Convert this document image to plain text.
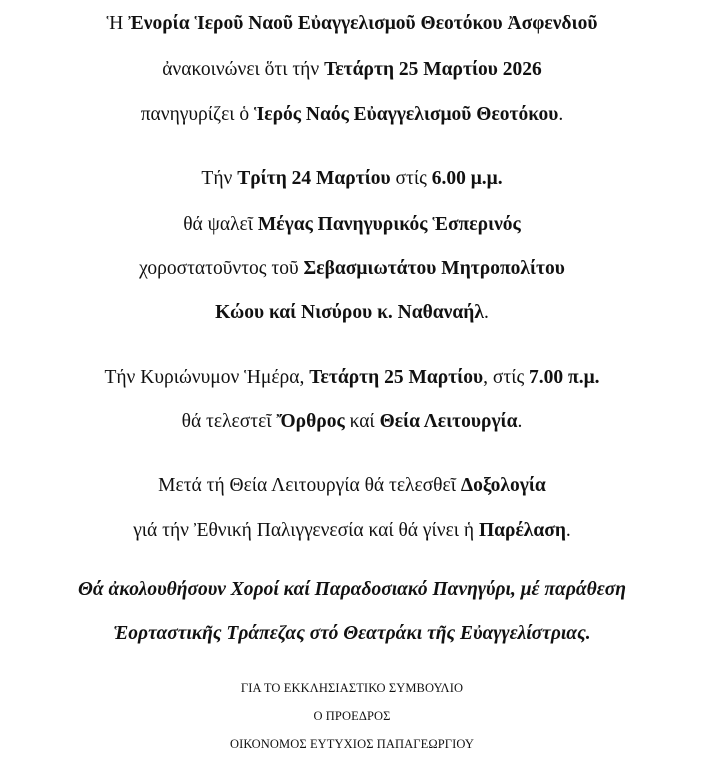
Ἡ Ἐνορία Ἱεροῦ Ναοῦ Εὐαγγελισμοῦ Θεοτόκου Ἀσφενδιοῦ
ἀνακοινώνει ὅτι τήν Τετάρτη 25 Μαρτίου 2026
πανηγυρίζει ὁ Ἱερός Ναός Εὐαγγελισμοῦ Θεοτόκου.
Τήν Τρίτη 24 Μαρτίου στίς 6.00 μ.μ.
θά ψαλεῖ Μέγας Πανηγυρικός Ἑσπερινός
χοροστατοῦντος τοῦ Σεβασμιωτάτου Μητροπολίτου
Κώου καί Νισύρου κ. Ναθαναήλ.
Τήν Κυριώνυμον Ἡμέρα, Τετάρτη 25 Μαρτίου, στίς 7.00 π.μ.
θά τελεστεῖ Ὄρθρος καί Θεία Λειτουργία.
Μετά τή Θεία Λειτουργία θά τελεσθεῖ Δοξολογία
γιά τήν Ἐθνική Παλιγγενεσία καί θά γίνει ἡ Παρέλαση.
Θά ἀκολουθήσουν Χοροί καί Παραδοσιακό Πανηγύρι, μέ παράθεση
Ἑορταστικῆς Τράπεζας στό Θεατράκι τῆς Εὐαγγελίστριας.
ΓΙΑ ΤΟ ΕΚΚΛΗΣΙΑΣΤΙΚΟ ΣΥΜΒΟΥΛΙΟ
Ο ΠΡΟΕΔΡΟΣ
ΟΙΚΟΝΟΜΟΣ ΕΥΤΥΧΙΟΣ ΠΑΠΑΓΕΩΡΓΙΟΥ
